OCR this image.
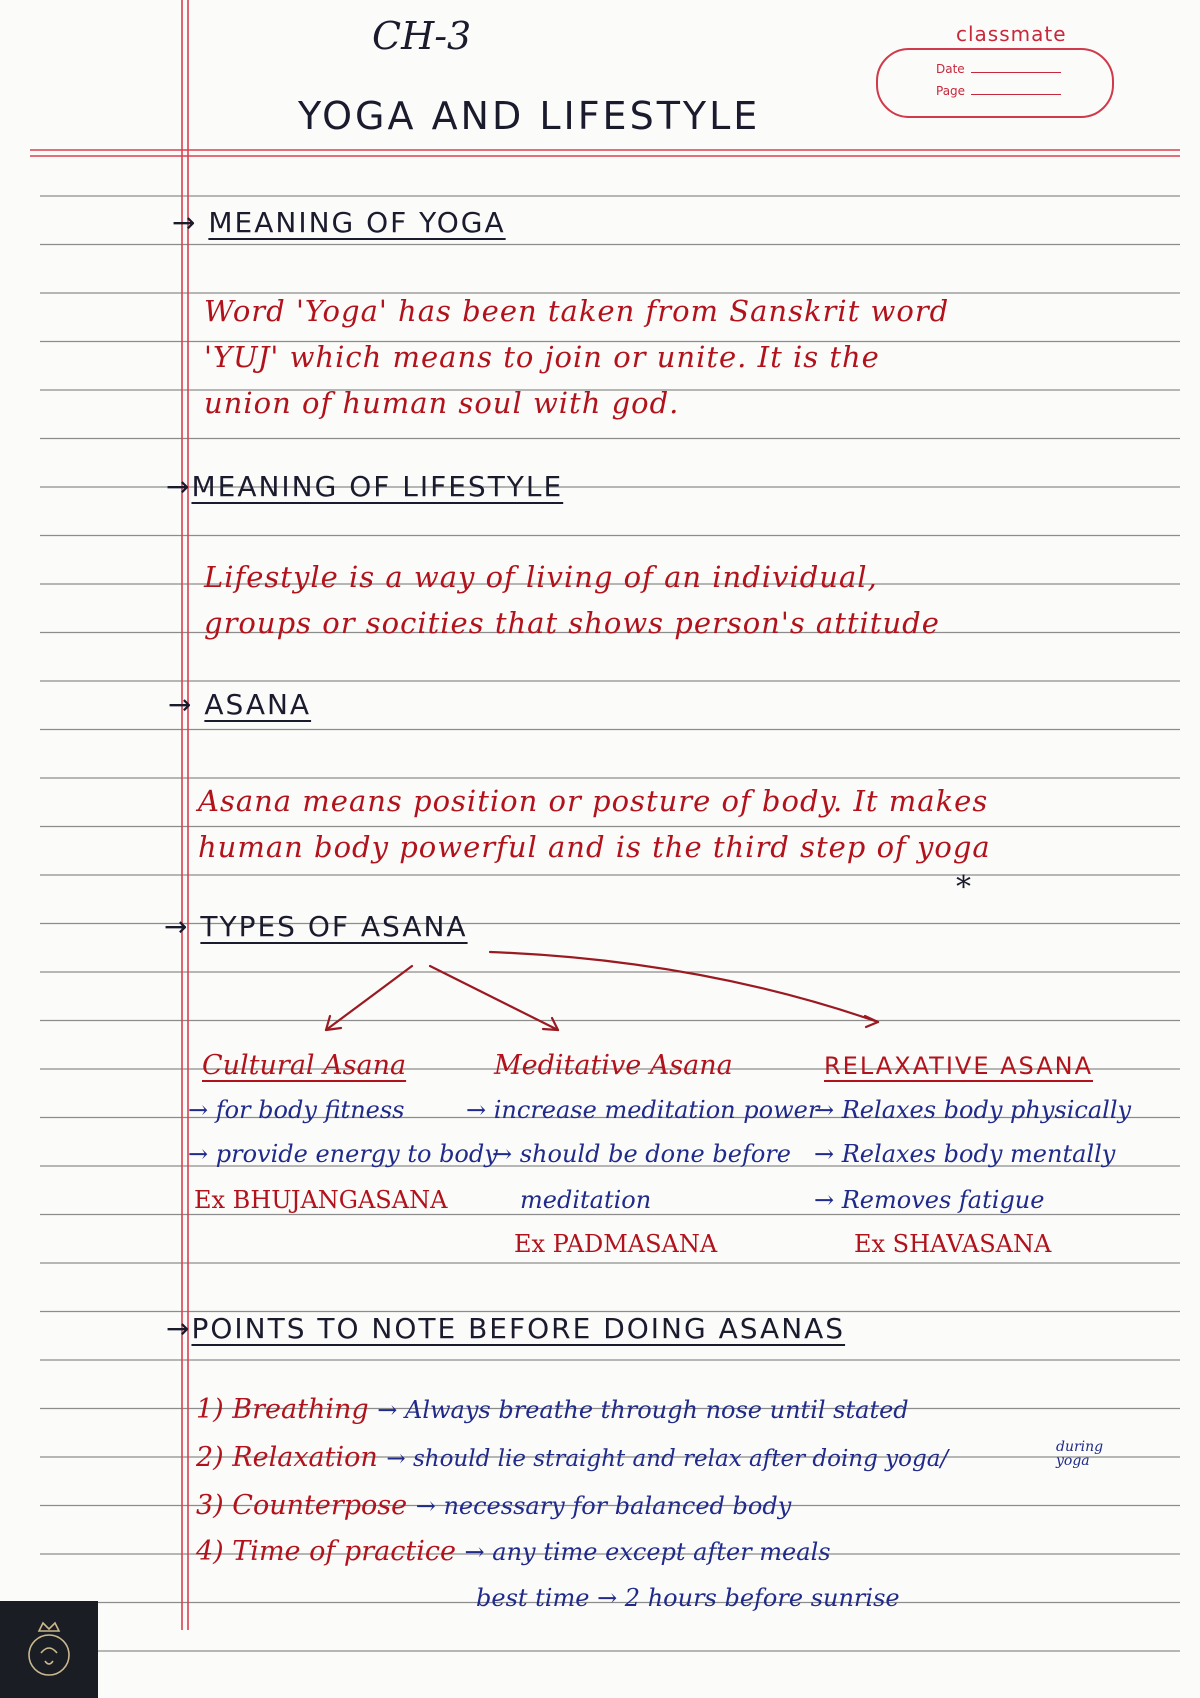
CH-3
YOGA AND LIFESTYLE
classmate
Date
Page
→ MEANING OF YOGA
Word 'Yoga' has been taken from Sanskrit word
'YUJ' which means to join or unite. It is the
union of human soul with god.
→MEANING OF LIFESTYLE
Lifestyle is a way of living of an individual,
groups or socities that shows person's attitude
→ ASANA
Asana means position or posture of body. It makes
human body powerful and is the third step of yoga
*
→ TYPES OF ASANA
Cultural Asana
→ for body fitness
→ provide energy to body
Ex BHUJANGASANA
Meditative Asana
→ increase meditation power
→ should be done before
meditation
Ex PADMASANA
RELAXATIVE ASANA
→ Relaxes body physically
→ Relaxes body mentally
→ Removes fatigue
Ex SHAVASANA
→POINTS TO NOTE BEFORE DOING ASANAS
1) Breathing → Always breathe through nose until stated
2) Relaxation → should lie straight and relax after doing yoga/	during yoga
3) Counterpose → necessary for balanced body
4) Time of practice → any time except after meals
best time → 2 hours before sunrise
